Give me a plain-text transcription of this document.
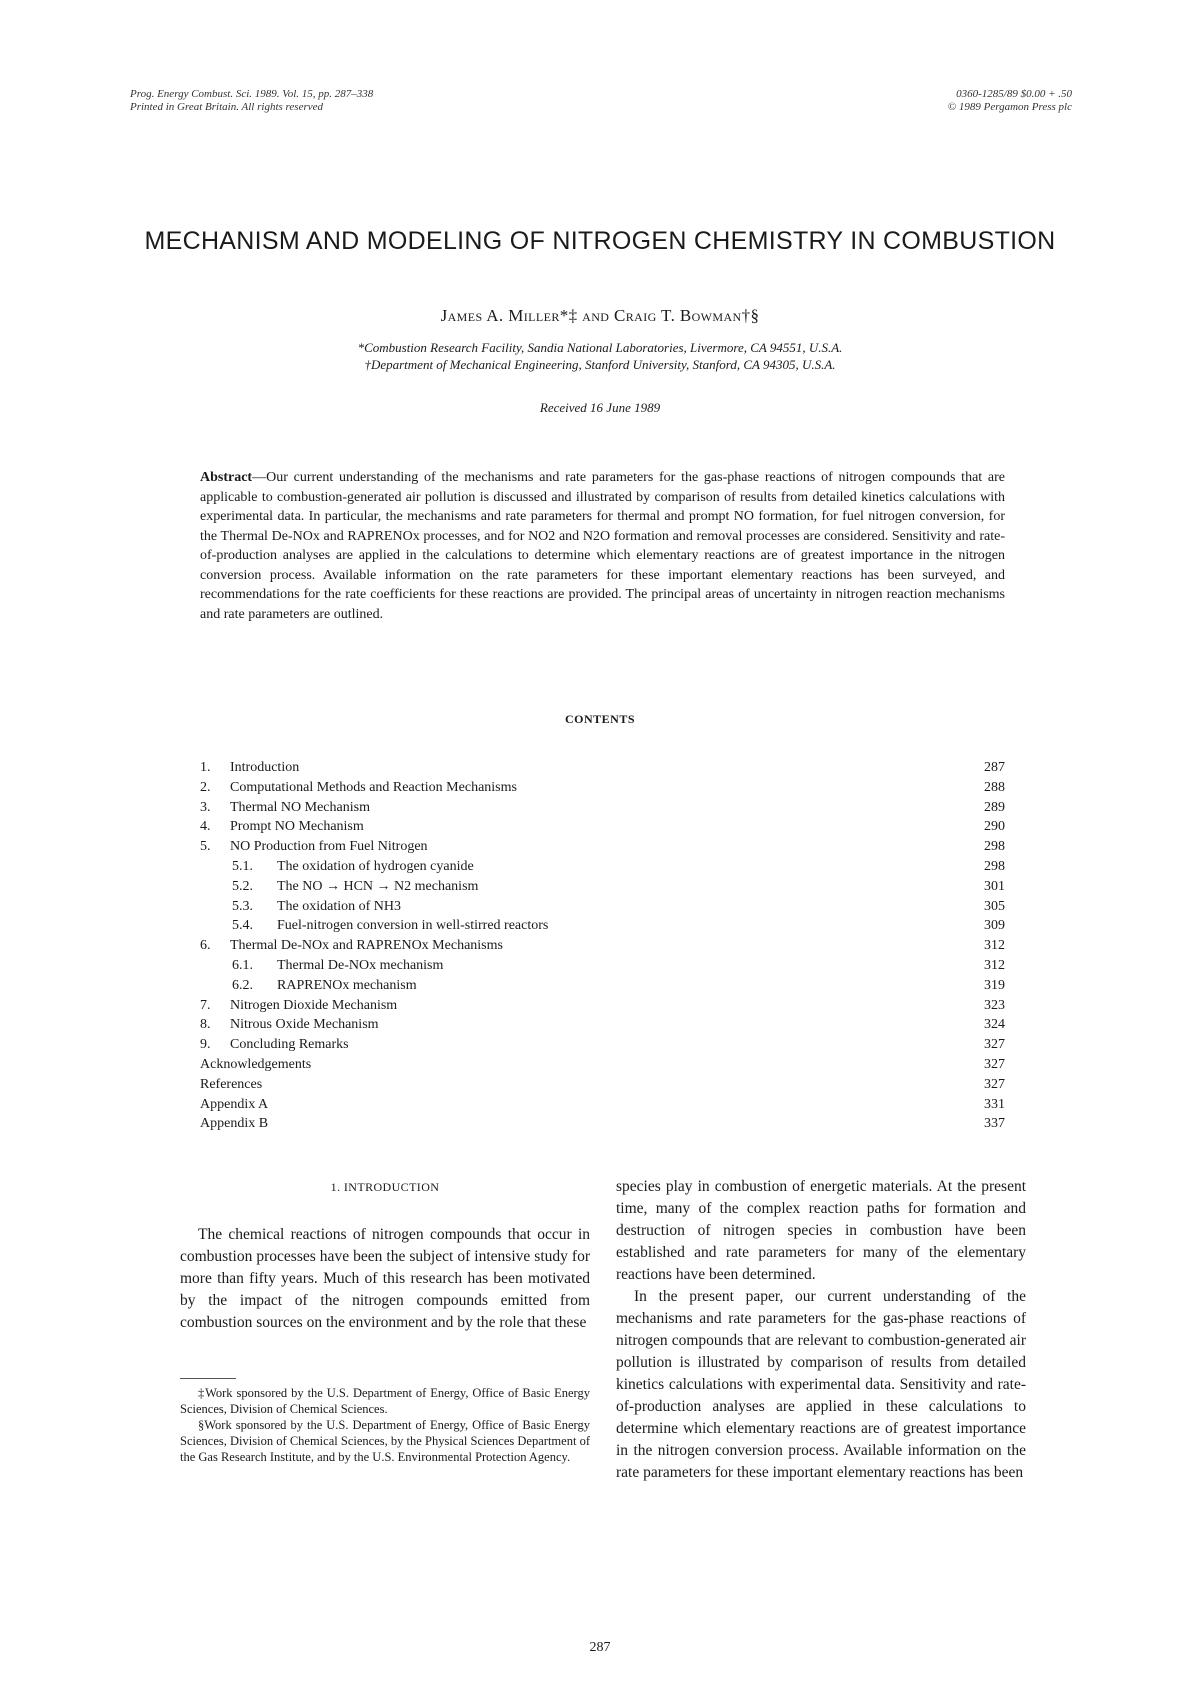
Prog. Energy Combust. Sci. 1989. Vol. 15, pp. 287–338
Printed in Great Britain. All rights reserved
0360-1285/89 $0.00 + .50
© 1989 Pergamon Press plc
MECHANISM AND MODELING OF NITROGEN CHEMISTRY IN COMBUSTION
James A. Miller*‡ and Craig T. Bowman†§
*Combustion Research Facility, Sandia National Laboratories, Livermore, CA 94551, U.S.A.
†Department of Mechanical Engineering, Stanford University, Stanford, CA 94305, U.S.A.
Received 16 June 1989
Abstract—Our current understanding of the mechanisms and rate parameters for the gas-phase reactions of nitrogen compounds that are applicable to combustion-generated air pollution is discussed and illustrated by comparison of results from detailed kinetics calculations with experimental data. In particular, the mechanisms and rate parameters for thermal and prompt NO formation, for fuel nitrogen conversion, for the Thermal De-NOx and RAPRENOx processes, and for NO2 and N2O formation and removal processes are considered. Sensitivity and rate-of-production analyses are applied in the calculations to determine which elementary reactions are of greatest importance in the nitrogen conversion process. Available information on the rate parameters for these important elementary reactions has been surveyed, and recommendations for the rate coefficients for these reactions are provided. The principal areas of uncertainty in nitrogen reaction mechanisms and rate parameters are outlined.
CONTENTS
1.	Introduction	287
2.	Computational Methods and Reaction Mechanisms	288
3.	Thermal NO Mechanism	289
4.	Prompt NO Mechanism	290
5.	NO Production from Fuel Nitrogen	298
5.1.	The oxidation of hydrogen cyanide	298
5.2.	The NO → HCN → N2 mechanism	301
5.3.	The oxidation of NH3	305
5.4.	Fuel-nitrogen conversion in well-stirred reactors	309
6.	Thermal De-NOx and RAPRENOx Mechanisms	312
6.1.	Thermal De-NOx mechanism	312
6.2.	RAPRENOx mechanism	319
7.	Nitrogen Dioxide Mechanism	323
8.	Nitrous Oxide Mechanism	324
9.	Concluding Remarks	327
Acknowledgements	327
References	327
Appendix A	331
Appendix B	337
1. INTRODUCTION

The chemical reactions of nitrogen compounds that occur in combustion processes have been the subject of intensive study for more than fifty years. Much of this research has been motivated by the impact of the nitrogen compounds emitted from combustion sources on the environment and by the role that these

‡Work sponsored by the U.S. Department of Energy, Office of Basic Energy Sciences, Division of Chemical Sciences.

§Work sponsored by the U.S. Department of Energy, Office of Basic Energy Sciences, Division of Chemical Sciences, by the Physical Sciences Department of the Gas Research Institute, and by the U.S. Environmental Protection Agency.

species play in combustion of energetic materials. At the present time, many of the complex reaction paths for formation and destruction of nitrogen species in combustion have been established and rate parameters for many of the elementary reactions have been determined.

In the present paper, our current understanding of the mechanisms and rate parameters for the gas-phase reactions of nitrogen compounds that are relevant to combustion-generated air pollution is illustrated by comparison of results from detailed kinetics calculations with experimental data. Sensitivity and rate-of-production analyses are applied in these calculations to determine which elementary reactions are of greatest importance in the nitrogen conversion process. Available information on the rate parameters for these important elementary reactions has been

287
